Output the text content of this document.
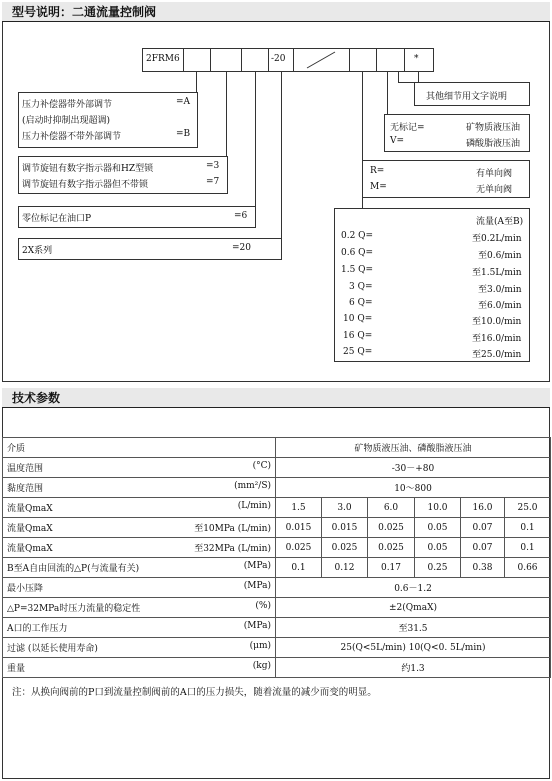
型号说明：二通流量控制阀
2FRM6	-20	*
其他细节用文字说明
无标记=	矿物质液压油
V=	磷酸脂液压油
R=	有单向阀
M=	无单向阀
流量(A至B)
0.2 Q=	至0.2L/min
0.6 Q=	至0.6/min
1.5 Q=	至1.5L/min
3 Q=	至3.0/min
6 Q=	至6.0/min
10 Q=	至10.0/min
16 Q=	至16.0/min
25 Q=	至25.0/min
压力补偿器带外部调节	=A
(启动时抑制出现超调)
压力补偿器不带外部调节	=B
调节旋钮有数字指示器和HZ型锁	=3
调节旋钮有数字指示器但不带锁	=7
零位标记在油口P	=6
2X系列	=20
技术参数
介质	矿物质液压油、磷酸脂液压油					

温度范围 (°C)	-30－+80					

黏度范围 (mm²/S)	10～800					

流量QmaX (L/min)	1.5	3.0	6.0	10.0	16.0	25.0

流量QmaX 至10MPa (L/min)	0.015	0.015	0.025	0.05	0.07	0.1

流量QmaX 至32MPa (L/min)	0.025	0.025	0.025	0.05	0.07	0.1

B至A自由回流的△P(与流量有关) (MPa)	0.1	0.12	0.17	0.25	0.38	0.66

最小压降 (MPa)	0.6－1.2					

△P=32MPa时压力流量的稳定性 (%)	±2(QmaX)					

A口的工作压力 (MPa)	至31.5					

过滤 (以延长使用寿命) (μm)	25(Q<5L/min) 10(Q<0. 5L/min)					

重量 (kg)	约1.3					
注：从换向阀前的P口到流量控制阀前的A口的压力损失，随着流量的减少而变的明显。
